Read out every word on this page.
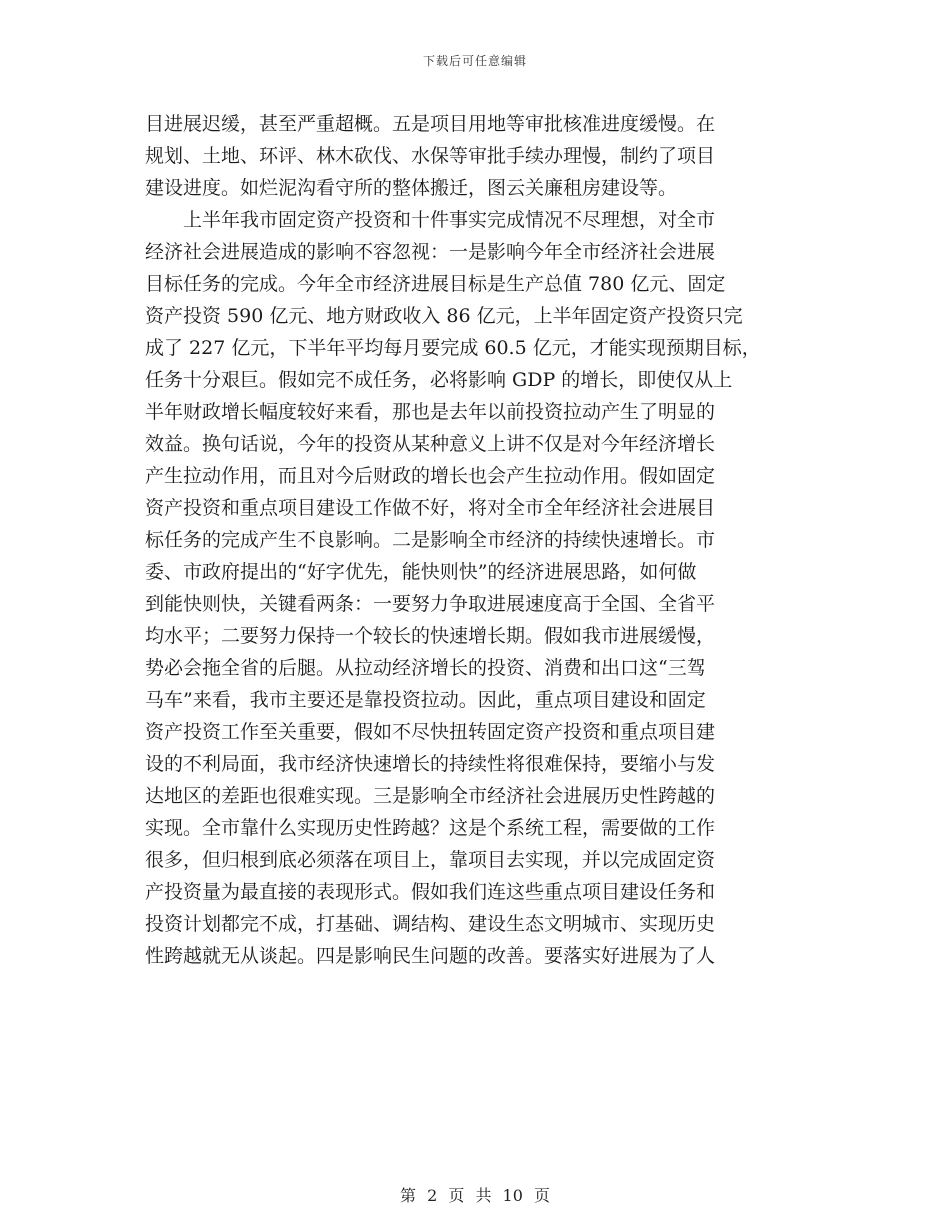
下载后可任意编辑
目进展迟缓，甚至严重超概。五是项目用地等审批核准进度缓慢。在
规划、土地、环评、林木砍伐、水保等审批手续办理慢，制约了项目
建设进度。如烂泥沟看守所的整体搬迁，图云关廉租房建设等。
　　上半年我市固定资产投资和十件事实完成情况不尽理想，对全市
经济社会进展造成的影响不容忽视：一是影响今年全市经济社会进展
目标任务的完成。今年全市经济进展目标是生产总值 780 亿元、固定
资产投资 590 亿元、地方财政收入 86 亿元，上半年固定资产投资只完
成了 227 亿元，下半年平均每月要完成 60.5 亿元，才能实现预期目标，
任务十分艰巨。假如完不成任务，必将影响 GDP 的增长，即使仅从上
半年财政增长幅度较好来看，那也是去年以前投资拉动产生了明显的
效益。换句话说，今年的投资从某种意义上讲不仅是对今年经济增长
产生拉动作用，而且对今后财政的增长也会产生拉动作用。假如固定
资产投资和重点项目建设工作做不好，将对全市全年经济社会进展目
标任务的完成产生不良影响。二是影响全市经济的持续快速增长。市
委、市政府提出的“好字优先，能快则快”的经济进展思路，如何做
到能快则快，关键看两条：一要努力争取进展速度高于全国、全省平
均水平；二要努力保持一个较长的快速增长期。假如我市进展缓慢，
势必会拖全省的后腿。从拉动经济增长的投资、消费和出口这“三驾
马车”来看，我市主要还是靠投资拉动。因此，重点项目建设和固定
资产投资工作至关重要，假如不尽快扭转固定资产投资和重点项目建
设的不利局面，我市经济快速增长的持续性将很难保持，要缩小与发
达地区的差距也很难实现。三是影响全市经济社会进展历史性跨越的
实现。全市靠什么实现历史性跨越？这是个系统工程，需要做的工作
很多，但归根到底必须落在项目上，靠项目去实现，并以完成固定资
产投资量为最直接的表现形式。假如我们连这些重点项目建设任务和
投资计划都完不成，打基础、调结构、建设生态文明城市、实现历史
性跨越就无从谈起。四是影响民生问题的改善。要落实好进展为了人
第 2 页 共 10 页
